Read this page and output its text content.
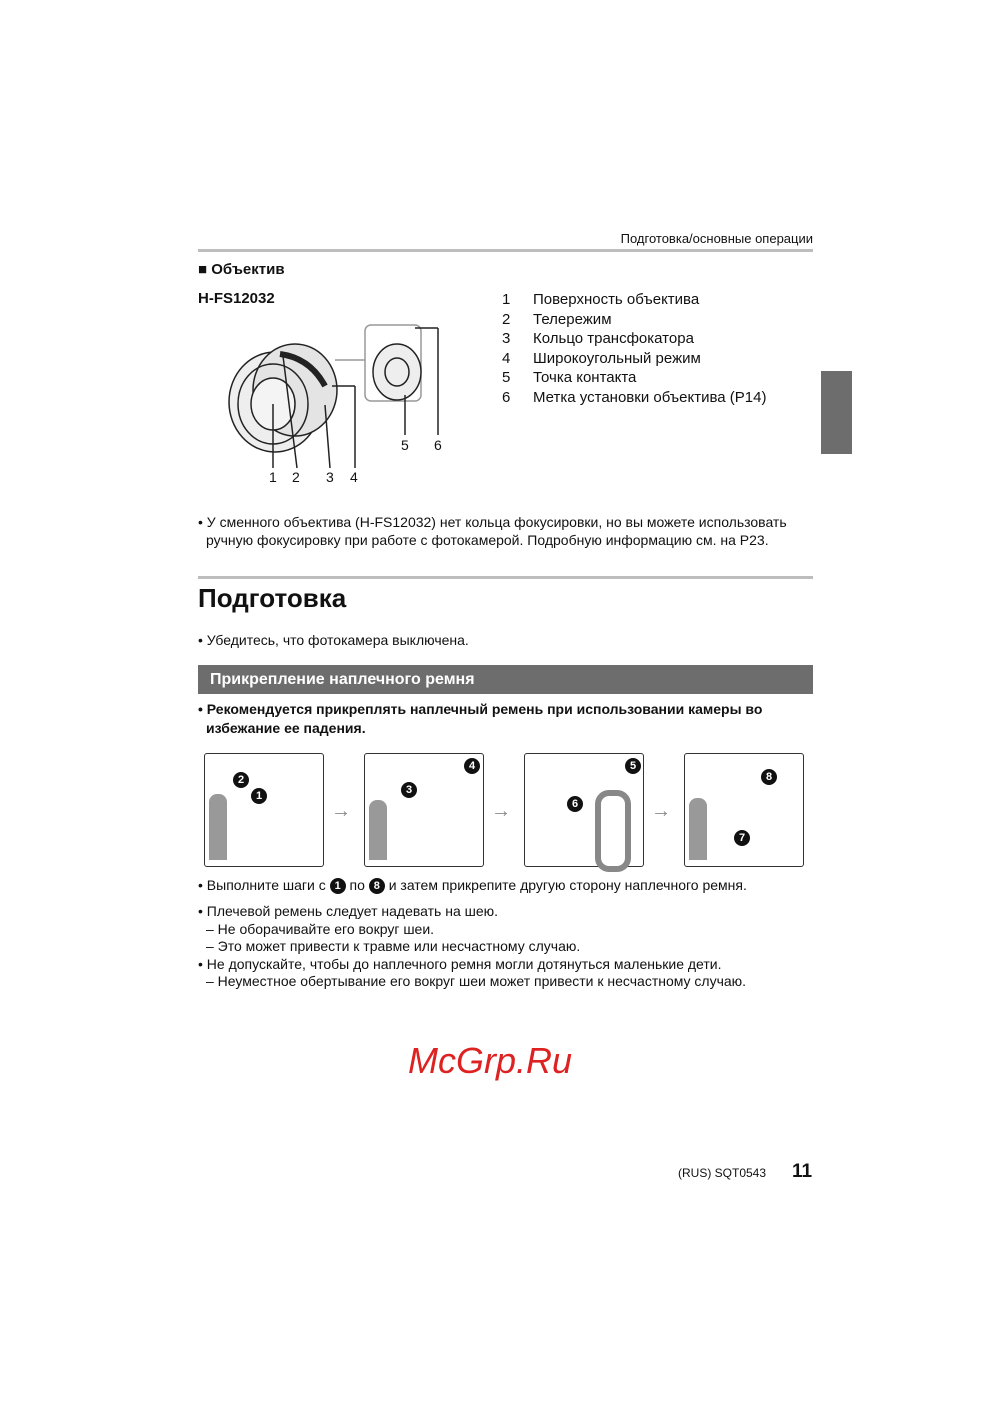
Подготовка/основные операции
■ Объектив
H-FS12032
1 2 3 4
5 6
1	Поверхность объектива
2	Телережим
3	Кольцо трансфокатора
4	Широкоугольный режим
5	Точка контакта
6	Метка установки объектива (P14)
• У сменного объектива (H-FS12032) нет кольца фокусировки, но вы можете использовать
ручную фокусировку при работе с фотокамерой. Подробную информацию см. на P23.
Подготовка
• Убедитесь, что фотокамера выключена.
Прикрепление наплечного ремня
• Рекомендуется прикреплять наплечный ремень при использовании камеры во
избежание ее падения.
2
1
→
3
4
→
5
6	→
8
7
• Выполните шаги с 1 по 8 и затем прикрепите другую сторону наплечного ремня.
• Плечевой ремень следует надевать на шею.
– Не оборачивайте его вокруг шеи.
– Это может привести к травме или несчастному случаю.
• Не допускайте, чтобы до наплечного ремня могли дотянуться маленькие дети.
– Неуместное обертывание его вокруг шеи может привести к несчастному случаю.
McGrp.Ru
(RUS) SQT0543 11
